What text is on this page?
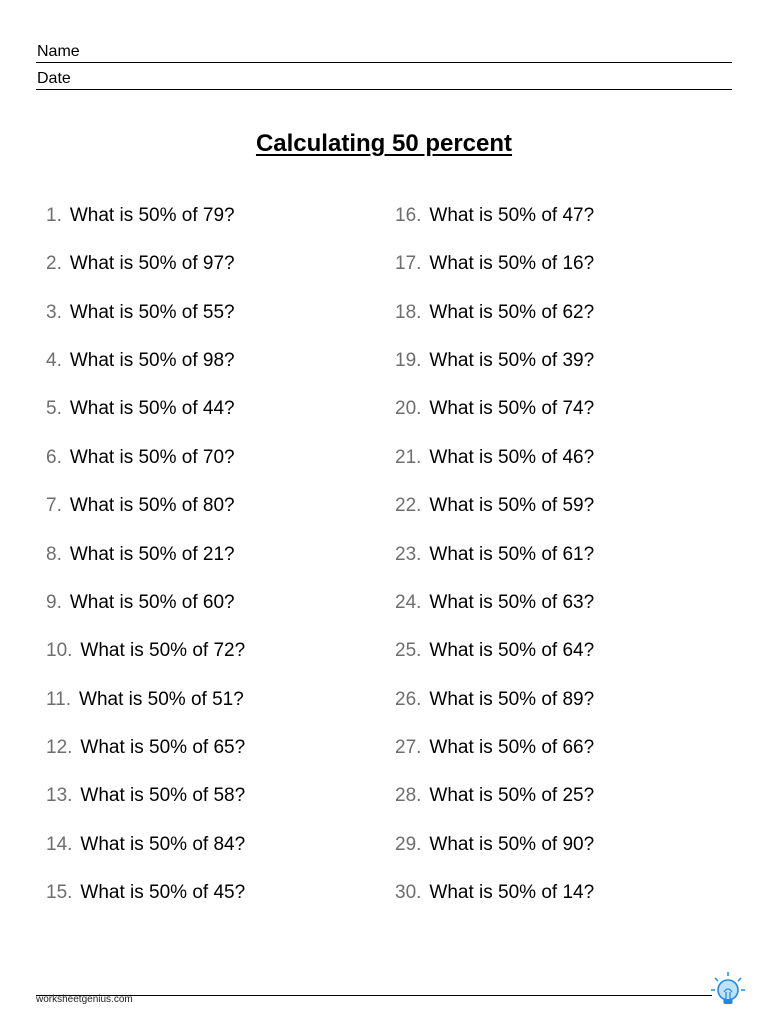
Name
Date
Calculating 50 percent
1. What is 50% of 79?
2. What is 50% of 97?
3. What is 50% of 55?
4. What is 50% of 98?
5. What is 50% of 44?
6. What is 50% of 70?
7. What is 50% of 80?
8. What is 50% of 21?
9. What is 50% of 60?
10. What is 50% of 72?
11. What is 50% of 51?
12. What is 50% of 65?
13. What is 50% of 58?
14. What is 50% of 84?
15. What is 50% of 45?
16. What is 50% of 47?
17. What is 50% of 16?
18. What is 50% of 62?
19. What is 50% of 39?
20. What is 50% of 74?
21. What is 50% of 46?
22. What is 50% of 59?
23. What is 50% of 61?
24. What is 50% of 63?
25. What is 50% of 64?
26. What is 50% of 89?
27. What is 50% of 66?
28. What is 50% of 25?
29. What is 50% of 90?
30. What is 50% of 14?
worksheetgenius.com
